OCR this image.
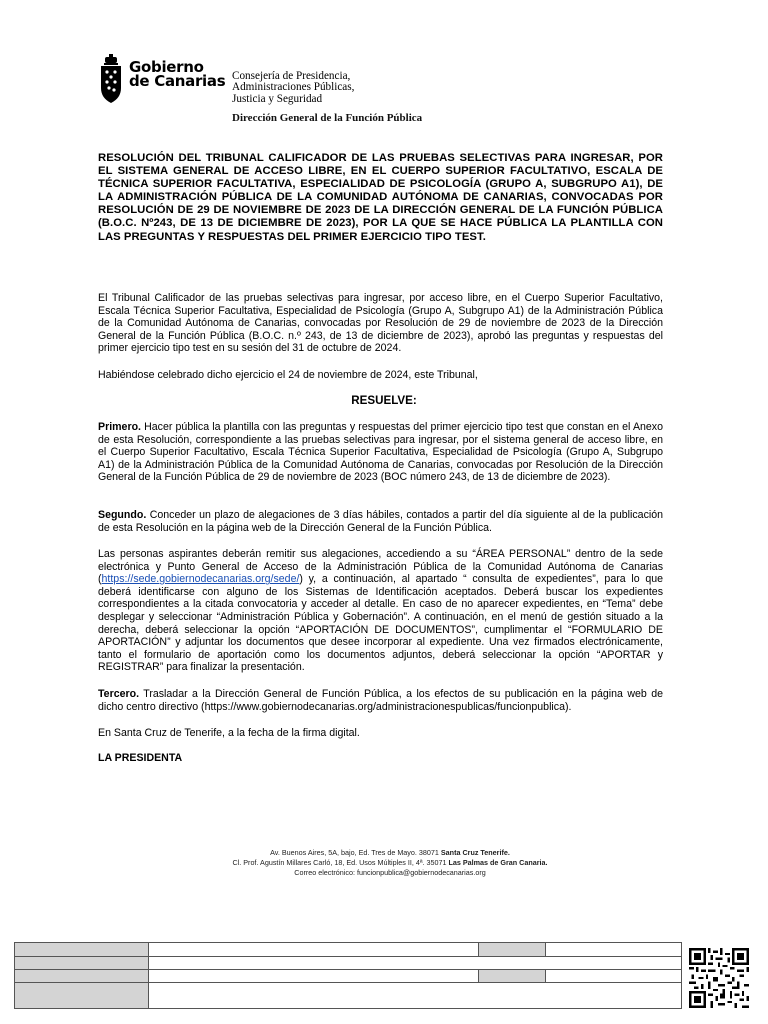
Gobierno
de Canarias Consejería de Presidencia,
Administraciones Públicas,
Justicia y Seguridad
Dirección General de la Función Pública
RESOLUCIÓN DEL TRIBUNAL CALIFICADOR DE LAS PRUEBAS SELECTIVAS PARA INGRESAR, POR EL SISTEMA GENERAL DE ACCESO LIBRE, EN EL CUERPO SUPERIOR FACULTATIVO, ESCALA DE TÉCNICA SUPERIOR FACULTATIVA, ESPECIALIDAD DE PSICOLOGÍA (GRUPO A, SUBGRUPO A1), DE LA ADMINISTRACIÓN PÚBLICA DE LA COMUNIDAD AUTÓNOMA DE CANARIAS, CONVOCADAS POR RESOLUCIÓN DE 29 DE NOVIEMBRE DE 2023 DE LA DIRECCIÓN GENERAL DE LA FUNCIÓN PÚBLICA (B.O.C. Nº243, DE 13 DE DICIEMBRE DE 2023), POR LA QUE SE HACE PÚBLICA LA PLANTILLA CON LAS PREGUNTAS Y RESPUESTAS DEL PRIMER EJERCICIO TIPO TEST.
El Tribunal Calificador de las pruebas selectivas para ingresar, por acceso libre, en el Cuerpo Superior Facultativo, Escala Técnica Superior Facultativa, Especialidad de Psicología (Grupo A, Subgrupo A1) de la Administración Pública de la Comunidad Autónoma de Canarias, convocadas por Resolución de 29 de noviembre de 2023 de la Dirección General de la Función Pública (B.O.C. n.º 243, de 13 de diciembre de 2023), aprobó las preguntas y respuestas del primer ejercicio tipo test en su sesión del 31 de octubre de 2024.
Habiéndose celebrado dicho ejercicio el 24 de noviembre de 2024, este Tribunal,
RESUELVE:
Primero. Hacer pública la plantilla con las preguntas y respuestas del primer ejercicio tipo test que constan en el Anexo de esta Resolución, correspondiente a las pruebas selectivas para ingresar, por el sistema general de acceso libre, en el Cuerpo Superior Facultativo, Escala Técnica Superior Facultativa, Especialidad de Psicología (Grupo A, Subgrupo A1) de la Administración Pública de la Comunidad Autónoma de Canarias, convocadas por Resolución de la Dirección General de la Función Pública de 29 de noviembre de 2023 (BOC número 243, de 13 de diciembre de 2023).
Segundo. Conceder un plazo de alegaciones de 3 días hábiles, contados a partir del día siguiente al de la publicación de esta Resolución en la página web de la Dirección General de la Función Pública.
Las personas aspirantes deberán remitir sus alegaciones, accediendo a su “ÁREA PERSONAL” dentro de la sede electrónica y Punto General de Acceso de la Administración Pública de la Comunidad Autónoma de Canarias (https://sede.gobiernodecanarias.org/sede/) y, a continuación, al apartado “ consulta de expedientes”, para lo que deberá identificarse con alguno de los Sistemas de Identificación aceptados. Deberá buscar los expedientes correspondientes a la citada convocatoria y acceder al detalle. En caso de no aparecer expedientes, en “Tema” debe desplegar y seleccionar “Administración Pública y Gobernación”. A continuación, en el menú de gestión situado a la derecha, deberá seleccionar la opción “APORTACIÓN DE DOCUMENTOS”, cumplimentar el “FORMULARIO DE APORTACIÓN” y adjuntar los documentos que desee incorporar al expediente. Una vez firmados electrónicamente, tanto el formulario de aportación como los documentos adjuntos, deberá seleccionar la opción “APORTAR y REGISTRAR” para finalizar la presentación.
Tercero. Trasladar a la Dirección General de Función Pública, a los efectos de su publicación en la página web de dicho centro directivo (https://www.gobiernodecanarias.org/administracionespublicas/funcionpublica).
En Santa Cruz de Tenerife, a la fecha de la firma digital.
LA PRESIDENTA
Av. Buenos Aires, 5A, bajo, Ed. Tres de Mayo. 38071 Santa Cruz Tenerife.
Cl. Prof. Agustín Millares Carló, 18, Ed. Usos Múltiples II, 4ª. 35071 Las Palmas de Gran Canaria.
Correo electrónico: funcionpublica@gobiernodecanarias.org
